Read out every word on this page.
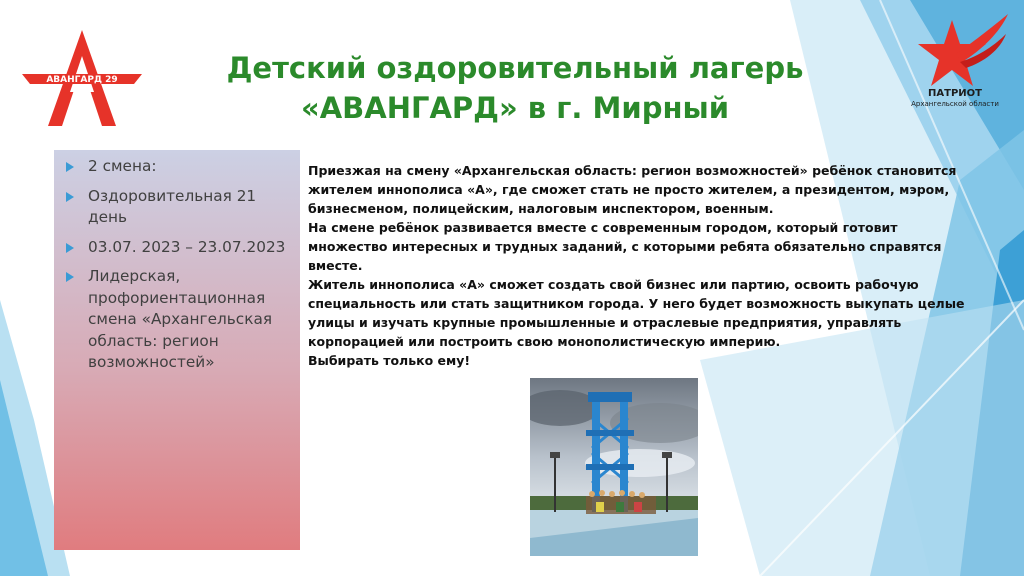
АВАНГАРД 29
ПАТРИОТ
Архангельской области
Детский оздоровительный лагерь
«АВАНГАРД» в г. Мирный
2 смена:
Оздоровительная 21 день
03.07. 2023 – 23.07.2023
Лидерская, профориентационная смена «Архангельская область: регион возможностей»

Приезжая на смену «Архангельская область: регион возможностей» ребёнок становится жителем иннополиса «А», где сможет стать не просто жителем, а президентом, мэром, бизнесменом, полицейским, налоговым инспектором, военным.

На смене ребёнок развивается вместе с современным городом, который готовит множество интересных и трудных заданий, с которыми ребята обязательно справятся вместе.

Житель иннополиса «А» сможет создать свой бизнес или партию, освоить рабочую специальность или стать защитником города. У него будет возможность выкупать целые улицы и изучать крупные промышленные и отраслевые предприятия, управлять корпорацией или построить свою монополистическую империю.

Выбирать только ему!
